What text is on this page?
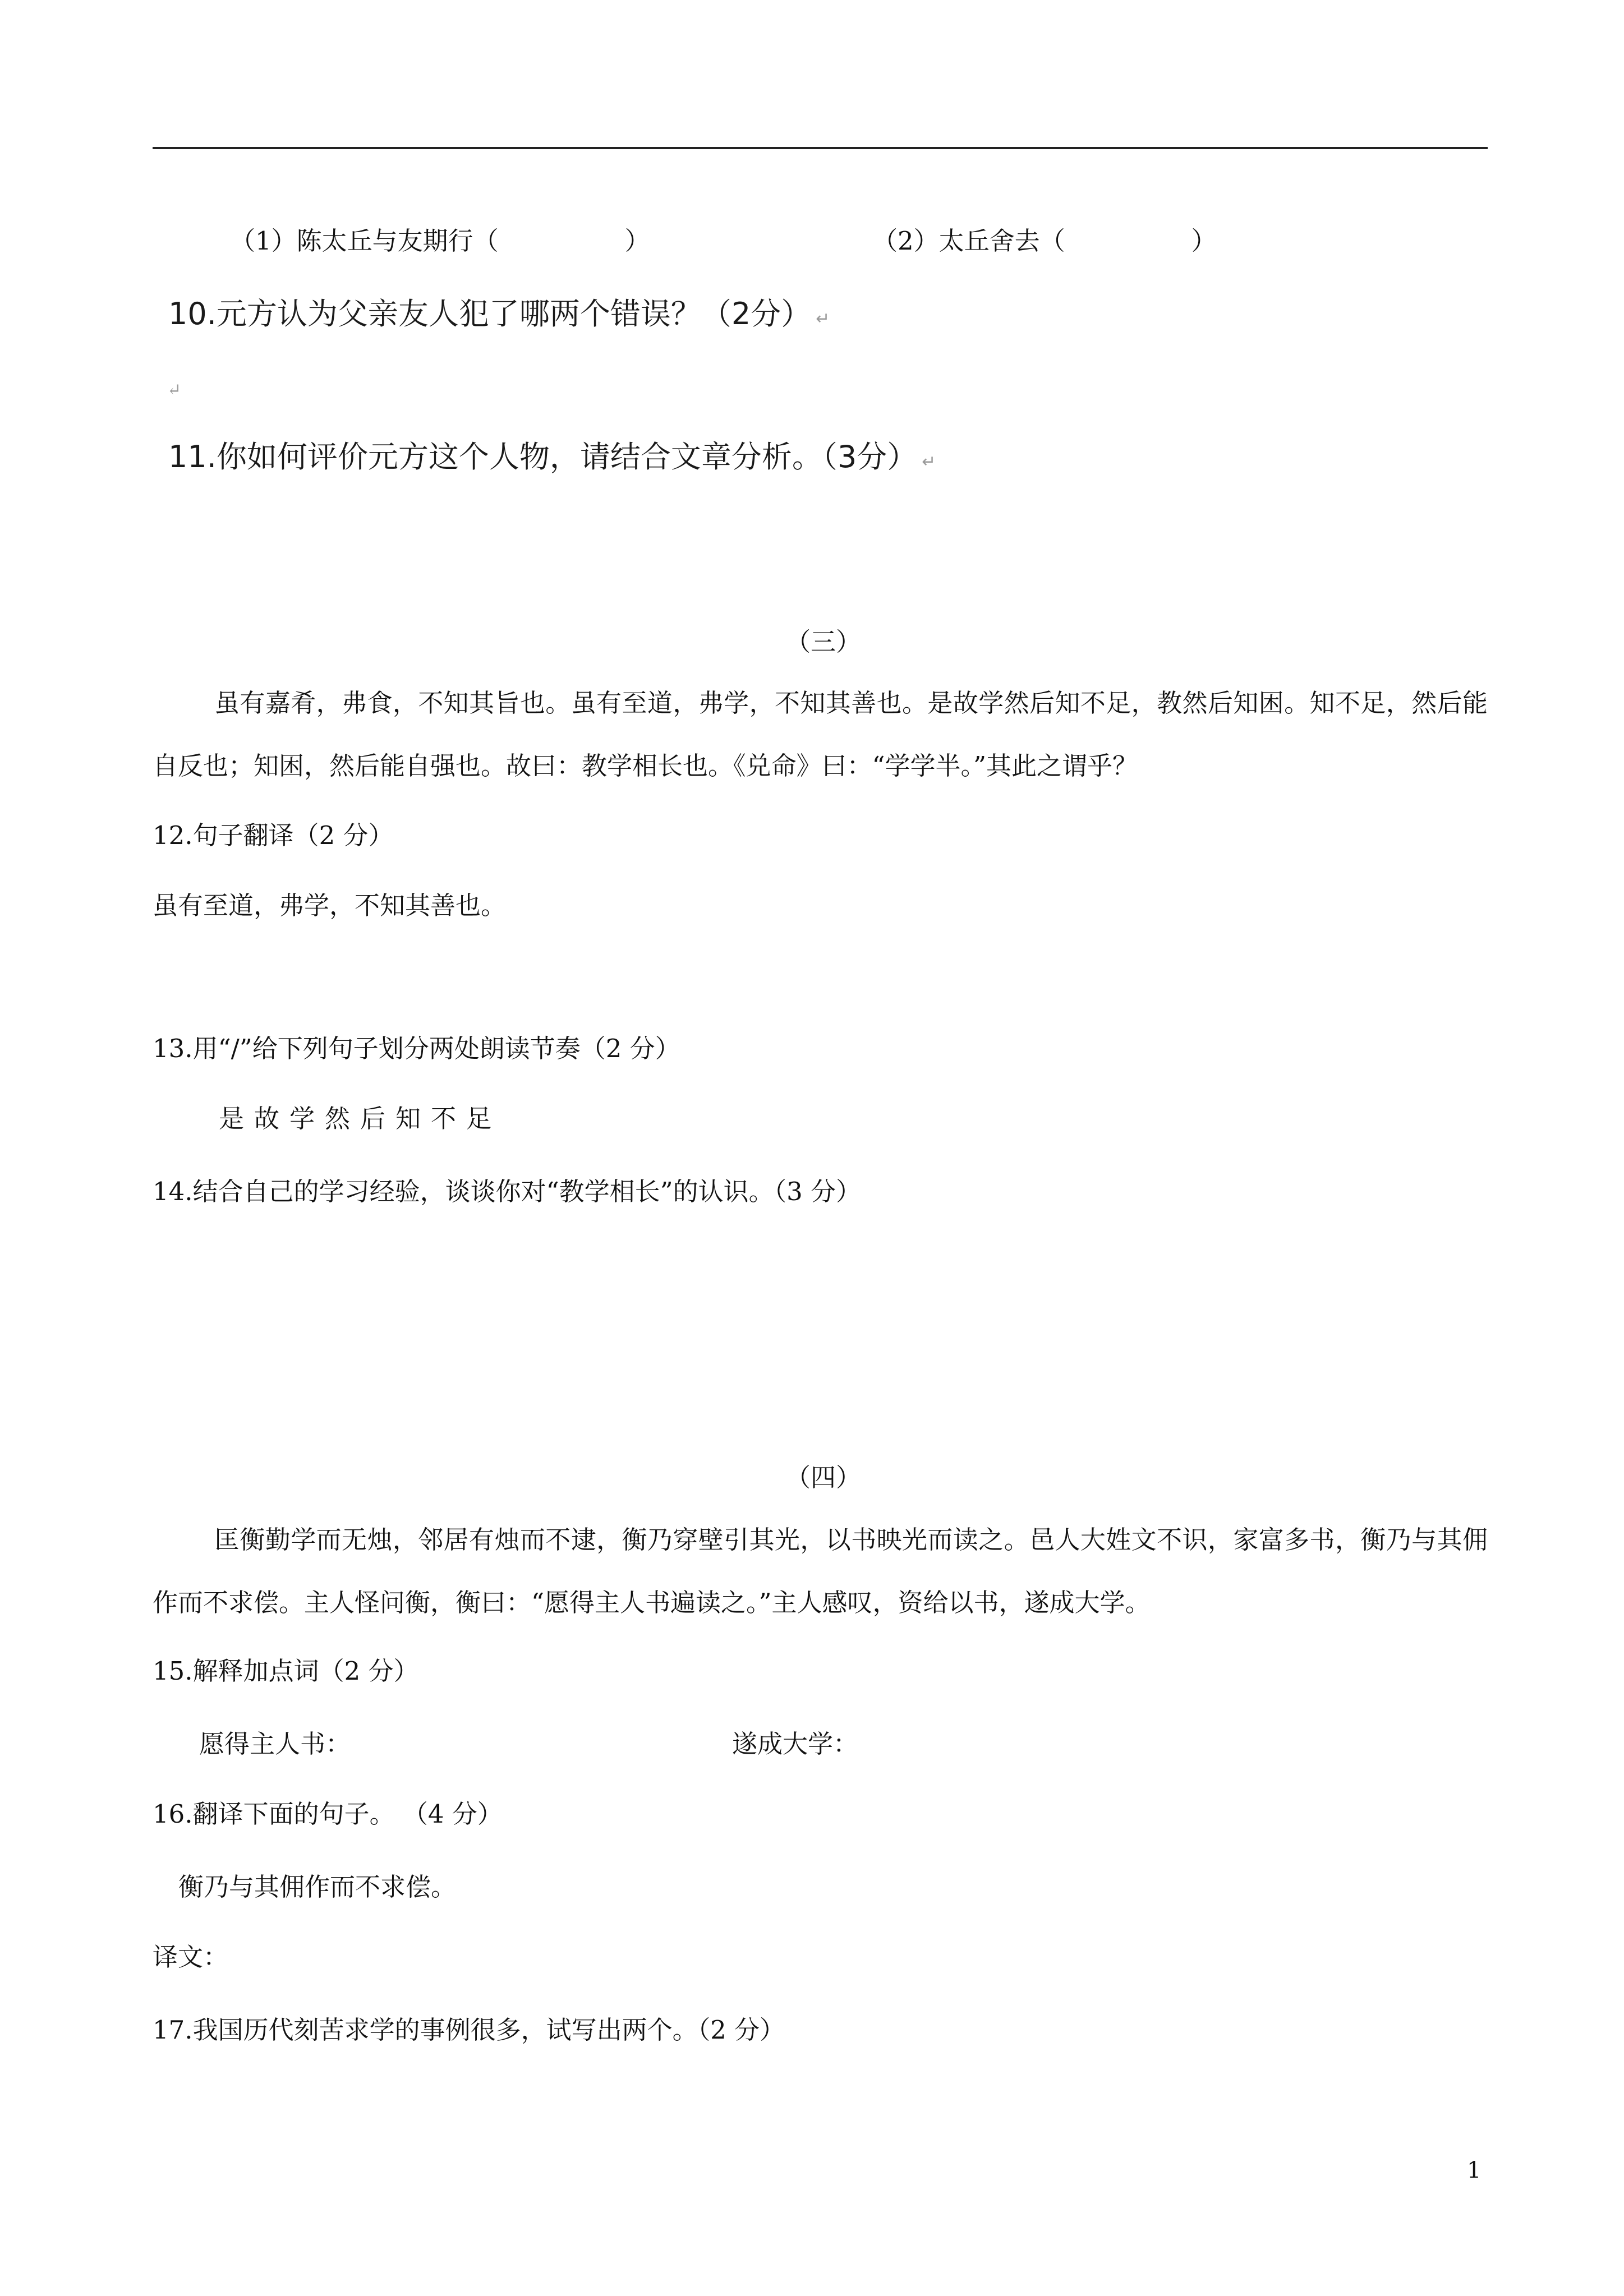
（1）陈太丘与友期行（　　　　　）	（2）太丘舍去（　　　　　）
10.元方认为父亲友人犯了哪两个错误？（2分） ↵
↵
11.你如何评价元方这个人物，请结合文章分析。（3分） ↵
（三）

虽有嘉肴，弗食，不知其旨也。虽有至道，弗学，不知其善也。是故学然后知不足，教然后知困。知不足，然后能自反也；知困，然后能自强也。故曰：教学相长也。《兑命》曰：“学学半。”其此之谓乎？

12.句子翻译（2 分）
虽有至道，弗学，不知其善也。
13.用“/”给下列句子划分两处朗读节奏（2 分）
是故学然后知不足
14.结合自己的学习经验，谈谈你对“教学相长”的认识。（3 分）
（四）

匡衡勤学而无烛，邻居有烛而不逮，衡乃穿壁引其光，以书映光而读之。邑人大姓文不识，家富多书，衡乃与其佣作而不求偿。主人怪问衡，衡曰：“愿得主人书遍读之。”主人感叹，资给以书，遂成大学。

15.解释加点词（2 分）
愿得主人书：	遂成大学：
16.翻译下面的句子。 （4 分）
衡乃与其佣作而不求偿。
译文：
17.我国历代刻苦求学的事例很多，试写出两个。（2 分）
1
